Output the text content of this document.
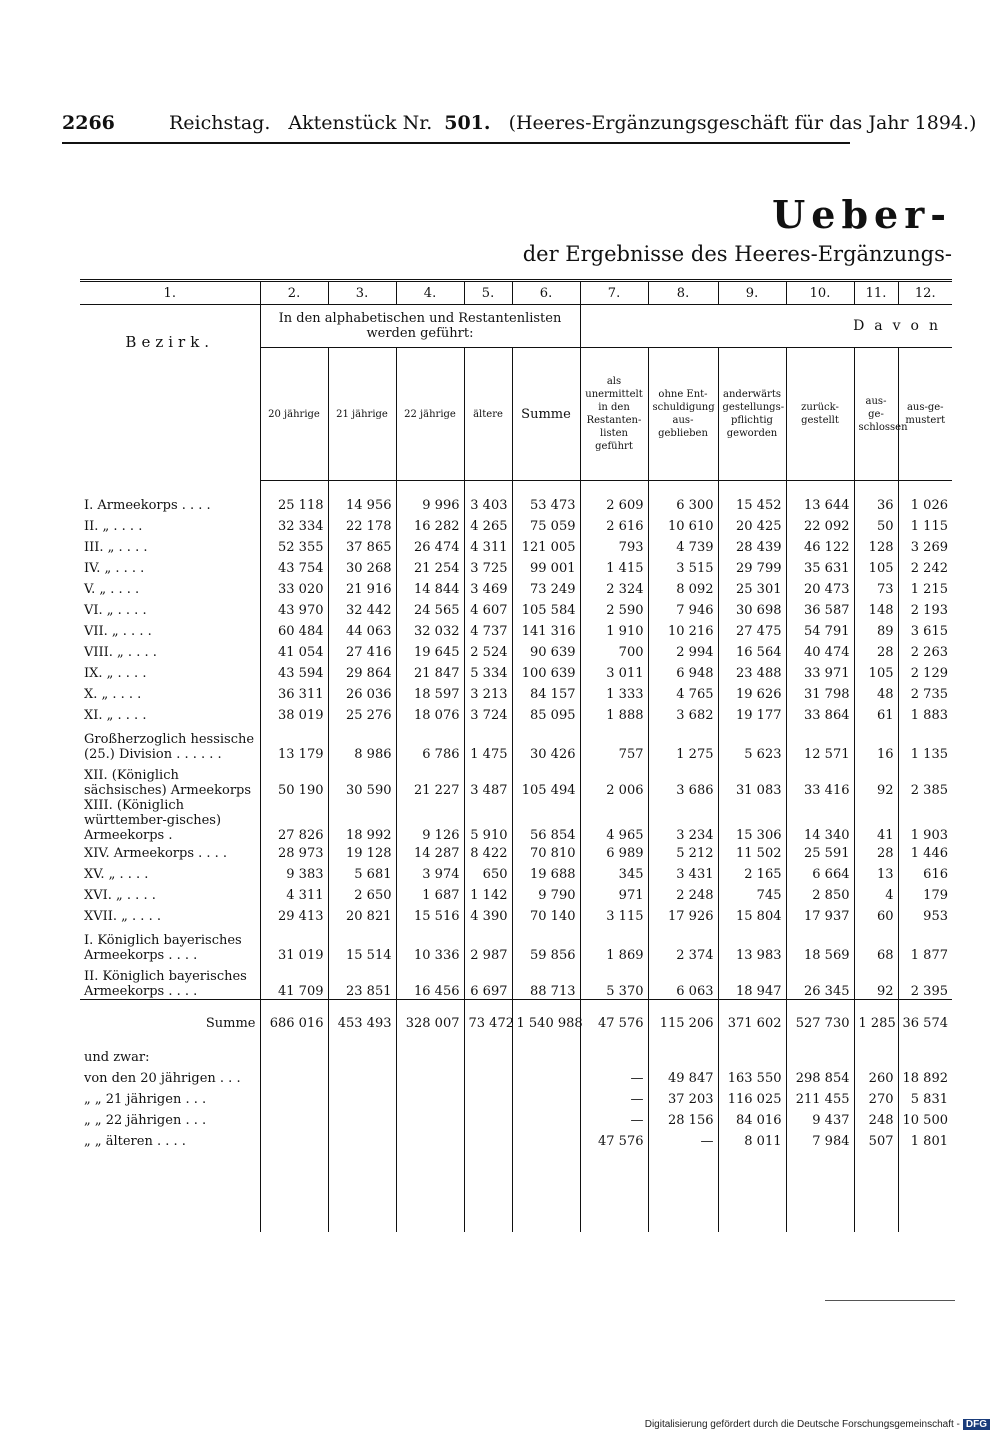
2266	Reichstag. Aktenstück Nr. 501. (Heeres-Ergänzungsgeschäft für das Jahr 1894.)
Ueber-
der Ergebnisse des Heeres-Ergänzungs-
1.	2.	3.	4.	5.	6.	7.	8.	9.	10.	11.	12.
Bezirk.	In den alphabetischen und Restantenlisten werden geführt:					Davon					
	20 jährige	21 jährige	22 jährige	ältere	Summe	als unermittelt in den Restanten-listen geführt	ohne Ent-schuldigung aus-geblieben	anderwärts gestellungs-pflichtig geworden	zurück-gestellt	aus-ge-schlossen	aus-ge-mustert

I. Armeekorps . . . .	25 118	14 956	9 996	3 403	53 473	2 609	6 300	15 452	13 644	36	1 026
II. „ . . . .	32 334	22 178	16 282	4 265	75 059	2 616	10 610	20 425	22 092	50	1 115
III. „ . . . .	52 355	37 865	26 474	4 311	121 005	793	4 739	28 439	46 122	128	3 269
IV. „ . . . .	43 754	30 268	21 254	3 725	99 001	1 415	3 515	29 799	35 631	105	2 242
V. „ . . . .	33 020	21 916	14 844	3 469	73 249	2 324	8 092	25 301	20 473	73	1 215
VI. „ . . . .	43 970	32 442	24 565	4 607	105 584	2 590	7 946	30 698	36 587	148	2 193
VII. „ . . . .	60 484	44 063	32 032	4 737	141 316	1 910	10 216	27 475	54 791	89	3 615
VIII. „ . . . .	41 054	27 416	19 645	2 524	90 639	700	2 994	16 564	40 474	28	2 263
IX. „ . . . .	43 594	29 864	21 847	5 334	100 639	3 011	6 948	23 488	33 971	105	2 129
X. „ . . . .	36 311	26 036	18 597	3 213	84 157	1 333	4 765	19 626	31 798	48	2 735
XI. „ . . . .	38 019	25 276	18 076	3 724	85 095	1 888	3 682	19 177	33 864	61	1 883
Großherzoglich hessische (25.) Division . . . . . .	13 179	8 986	6 786	1 475	30 426	757	1 275	5 623	12 571	16	1 135
XII. (Königlich sächsisches) Armeekorps	50 190	30 590	21 227	3 487	105 494	2 006	3 686	31 083	33 416	92	2 385
XIII. (Königlich württember-gisches) Armeekorps .	27 826	18 992	9 126	5 910	56 854	4 965	3 234	15 306	14 340	41	1 903
XIV. Armeekorps . . . .	28 973	19 128	14 287	8 422	70 810	6 989	5 212	11 502	25 591	28	1 446
XV. „ . . . .	9 383	5 681	3 974	650	19 688	345	3 431	2 165	6 664	13	616
XVI. „ . . . .	4 311	2 650	1 687	1 142	9 790	971	2 248	745	2 850	4	179
XVII. „ . . . .	29 413	20 821	15 516	4 390	70 140	3 115	17 926	15 804	17 937	60	953
I. Königlich bayerisches Armeekorps . . . .	31 019	15 514	10 336	2 987	59 856	1 869	2 374	13 983	18 569	68	1 877
II. Königlich bayerisches Armeekorps . . . .	41 709	23 851	16 456	6 697	88 713	5 370	6 063	18 947	26 345	92	2 395
Summe	686 016	453 493	328 007	73 472	1 540 988	47 576	115 206	371 602	527 730	1 285	36 574
und zwar:											
von den 20 jährigen . . .						—	49 847	163 550	298 854	260	18 892
„ „ 21 jährigen . . .						—	37 203	116 025	211 455	270	5 831
„ „ 22 jährigen . . .						—	28 156	84 016	9 437	248	10 500
„ „ älteren . . . .						47 576	—	8 011	7 984	507	1 801

Digitalisierung gefördert durch die Deutsche Forschungsgemeinschaft - DFG
